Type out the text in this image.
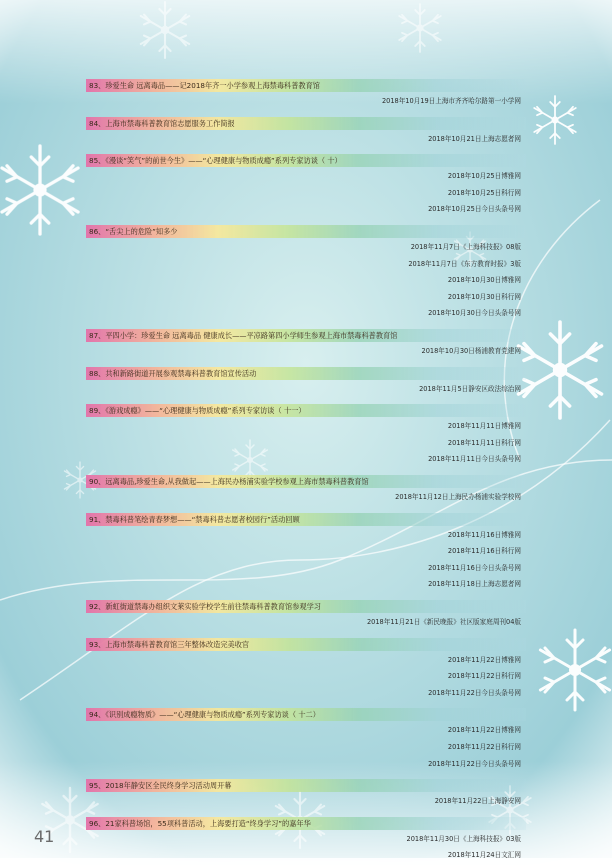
83、珍爱生命 远离毒品——记2018年齐一小学参观上海禁毒科普教育馆
2018年10月19日上海市齐齐哈尔路第一小学网
84、上海市禁毒科普教育馆志愿服务工作简报
2018年10月21日上海志愿者网
85、《漫谈“笑气”的前世今生》——“心理健康与物质成瘾”系列专家访谈（ 十）
2018年10月25日博雅网
2018年10月25日科行网
2018年10月25日今日头条号网
86、“舌尖上的危险”知多少
2018年11月7日《上海科技报》08版
2018年11月7日《东方教育时报》3版
2018年10月30日博雅网
2018年10月30日科行网
2018年10月30日今日头条号网
87、平四小学：珍爱生命 远离毒品 健康成长——平凉路第四小学师生参观上海市禁毒科普教育馆
2018年10月30日杨浦教育党建网
88、共和新路街道开展参观禁毒科普教育馆宣传活动
2018年11月5日静安区政法综治网
89、《游戏成瘾》——“心理健康与物质成瘾”系列专家访谈（ 十一）
2018年11月11日博雅网
2018年11月11日科行网
2018年11月11日今日头条号网
90、远离毒品,珍爱生命,从我做起——上海民办杨浦实验学校参观上海市禁毒科普教育馆
2018年11月12日上海民办杨浦实验学校网
91、禁毒科普笔绘青春梦想——“禁毒科普志愿者校园行”活动回顾
2018年11月16日博雅网
2018年11月16日科行网
2018年11月16日今日头条号网
2018年11月18日上海志愿者网
92、新虹街道禁毒办组织文莱实验学校学生前往禁毒科普教育馆参观学习
2018年11月21日《新民晚报》社区版家庭周刊04版
93、上海市禁毒科普教育馆三年整体改造完美收官
2018年11月22日博雅网
2018年11月22日科行网
2018年11月22日今日头条号网
94、《识别成瘾物质》——“心理健康与物质成瘾”系列专家访谈（ 十二）
2018年11月22日博雅网
2018年11月22日科行网
2018年11月22日今日头条号网
95、2018年静安区全民终身学习活动周开幕
2018年11月22日上海静安网
96、21家科普场馆，55项科普活动，上海要打造“终身学习”的嘉年华
2018年11月30日《上海科技报》03版
2018年11月24日文汇网
41
